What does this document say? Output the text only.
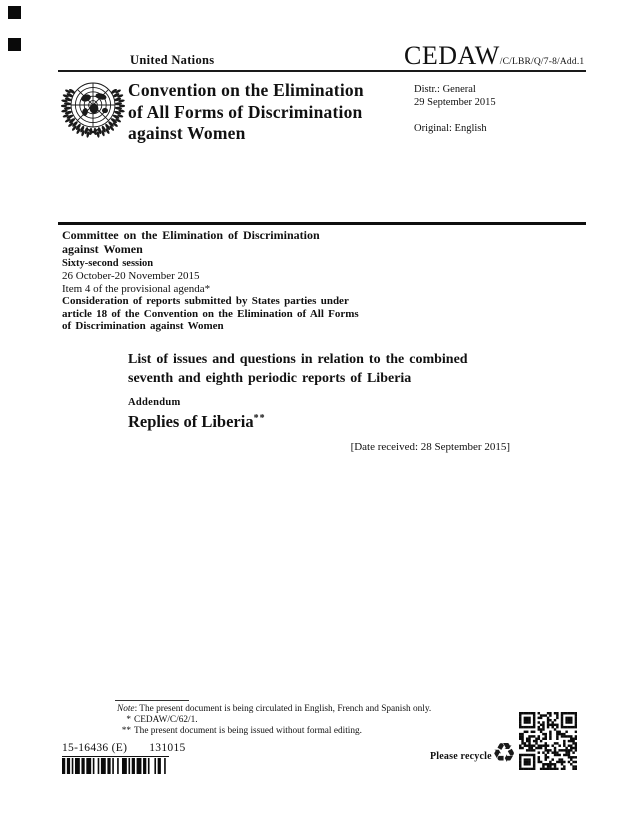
United Nations	CEDAW/C/LBR/Q/7-8/Add.1
Convention on the Elimination
of All Forms of Discrimination
against Women
Distr.: General
29 September 2015
Original: English
Committee on the Elimination of Discrimination
against Women
Sixty-second session
26 October-20 November 2015
Item 4 of the provisional agenda*
Consideration of reports submitted by States parties under
article 18 of the Convention on the Elimination of All Forms
of Discrimination against Women
List of issues and questions in relation to the combined
seventh and eighth periodic reports of Liberia
Addendum
Replies of Liberia**
[Date received: 28 September 2015]
Note: The present document is being circulated in English, French and Spanish only.
* CEDAW/C/62/1.
** The present document is being issued without formal editing.
15-16436 (E) 131015
Please recycle ♻
